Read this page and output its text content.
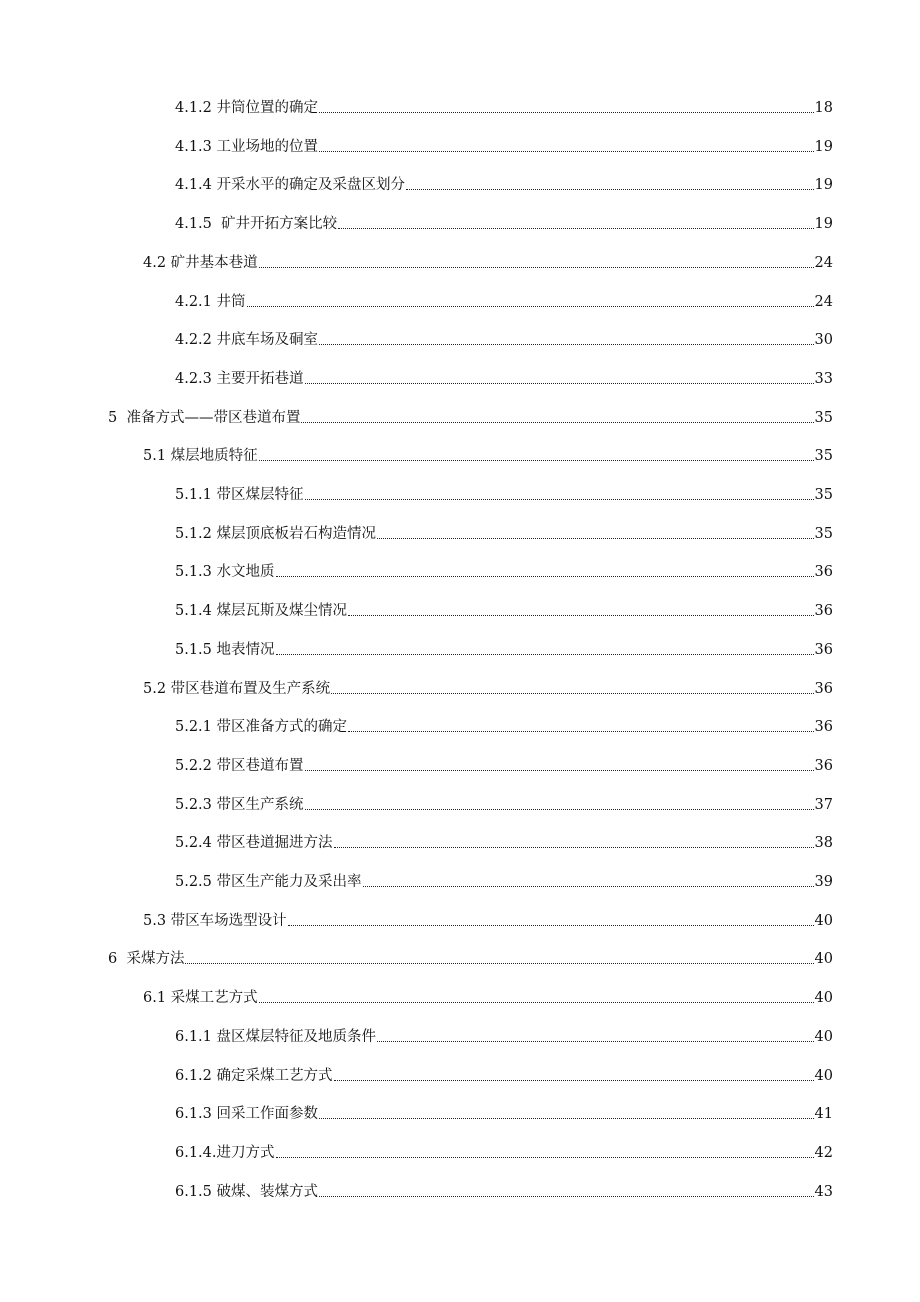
4.1.2 井筒位置的确定	18
4.1.3 工业场地的位置	19
4.1.4 开采水平的确定及采盘区划分	19
4.1.5  矿井开拓方案比较	19
4.2 矿井基本巷道	24
4.2.1 井筒	24
4.2.2 井底车场及硐室	30
4.2.3 主要开拓巷道	33
5  准备方式——带区巷道布置	35
5.1 煤层地质特征	35
5.1.1 带区煤层特征	35
5.1.2 煤层顶底板岩石构造情况	35
5.1.3 水文地质	36
5.1.4 煤层瓦斯及煤尘情况	36
5.1.5 地表情况	36
5.2 带区巷道布置及生产系统	36
5.2.1 带区准备方式的确定	36
5.2.2 带区巷道布置	36
5.2.3 带区生产系统	37
5.2.4 带区巷道掘进方法	38
5.2.5 带区生产能力及采出率	39
5.3 带区车场选型设计	40
6  采煤方法	40
6.1 采煤工艺方式	40
6.1.1 盘区煤层特征及地质条件	40
6.1.2 确定采煤工艺方式	40
6.1.3 回采工作面参数	41
6.1.4.进刀方式	42
6.1.5 破煤、装煤方式	43
